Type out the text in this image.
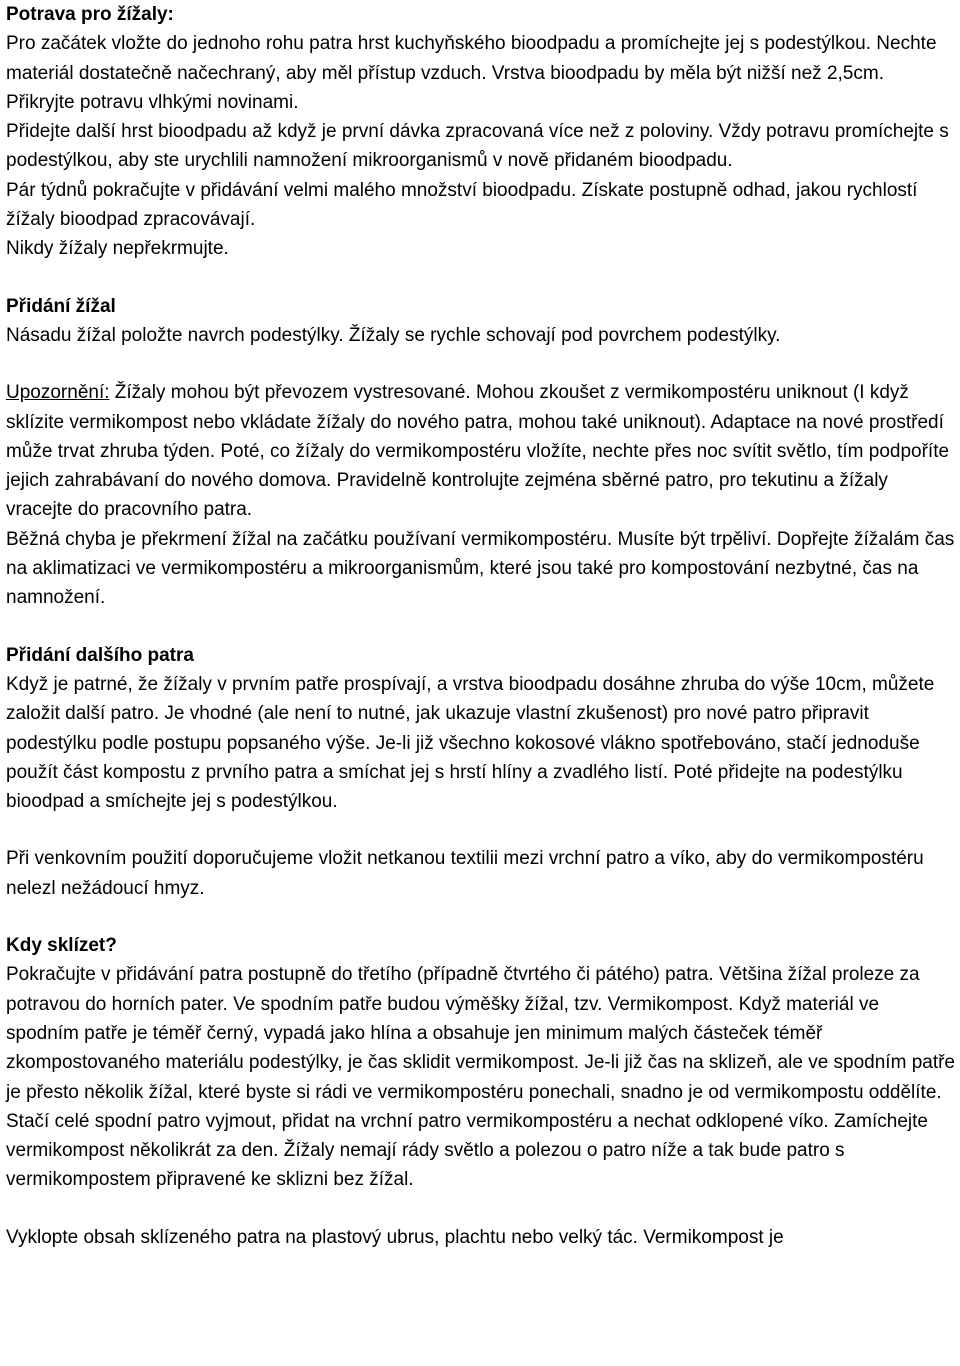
Potrava pro žížaly:

Pro začátek vložte do jednoho rohu patra hrst kuchyňského bioodpadu a promíchejte jej s podestýlkou. Nechte materiál dostatečně načechraný, aby měl přístup vzduch. Vrstva bioodpadu by měla být nižší než 2,5cm.

Přikryjte potravu vlhkými novinami.

Přidejte další hrst bioodpadu až když je první dávka zpracovaná více než z poloviny. Vždy potravu promíchejte s podestýlkou, aby ste urychlili namnožení mikroorganismů v nově přidaném bioodpadu.

Pár týdnů pokračujte v přidávání velmi malého množství bioodpadu. Získate postupně odhad, jakou rychlostí žížaly bioodpad zpracovávají.

Nikdy žížaly nepřekrmujte.

Přidání žížal

Násadu žížal položte navrch podestýlky. Žížaly se rychle schovají pod povrchem podestýlky.

Upozornění: Žížaly mohou být převozem vystresované. Mohou zkoušet z vermikompostéru uniknout (I když sklízite vermikompost nebo vkládate žížaly do nového patra, mohou také uniknout). Adaptace na nové prostředí může trvat zhruba týden. Poté, co žížaly do vermikompostéru vložíte, nechte přes noc svítit světlo, tím podpoříte jejich zahrabávaní do nového domova. Pravidelně kontrolujte zejména sběrné patro, pro tekutinu a žížaly vracejte do pracovního patra.

Běžná chyba je překrmení žížal na začátku používaní vermikompostéru. Musíte být trpěliví. Dopřejte žížalám čas na aklimatizaci ve vermikompostéru a mikroorganismům, které jsou také pro kompostování nezbytné, čas na namnožení.

Přidání dalšího patra

Když je patrné, že žížaly v prvním patře prospívají, a vrstva bioodpadu dosáhne zhruba do výše 10cm, můžete založit další patro. Je vhodné (ale není to nutné, jak ukazuje vlastní zkušenost) pro nové patro připravit podestýlku podle postupu popsaného výše. Je-li již všechno kokosové vlákno spotřebováno, stačí jednoduše použít část kompostu z prvního patra a smíchat jej s hrstí hlíny a zvadlého listí. Poté přidejte na podestýlku bioodpad a smíchejte jej s podestýlkou.

Při venkovním použití doporučujeme vložit netkanou textilii mezi vrchní patro a víko, aby do vermikompostéru nelezl nežádoucí hmyz.

Kdy sklízet?

Pokračujte v přidávání patra postupně do třetího (případně čtvrtého či pátého) patra. Většina žížal proleze za potravou do horních pater. Ve spodním patře budou výměšky žížal, tzv. Vermikompost. Když materiál ve spodním patře je téměř černý, vypadá jako hlína a obsahuje jen minimum malých částeček téměř zkompostovaného materiálu podestýlky, je čas sklidit vermikompost. Je-li již čas na sklizeň, ale ve spodním patře je přesto několik žížal, které byste si rádi ve vermikompostéru ponechali, snadno je od vermikompostu oddělíte. Stačí celé spodní patro vyjmout, přidat na vrchní patro vermikompostéru a nechat odklopené víko. Zamíchejte vermikompost několikrát za den. Žížaly nemají rády světlo a polezou o patro níže a tak bude patro s vermikompostem připravené ke sklizni bez žížal.

Vyklopte obsah sklízeného patra na plastový ubrus, plachtu nebo velký tác. Vermikompost je
